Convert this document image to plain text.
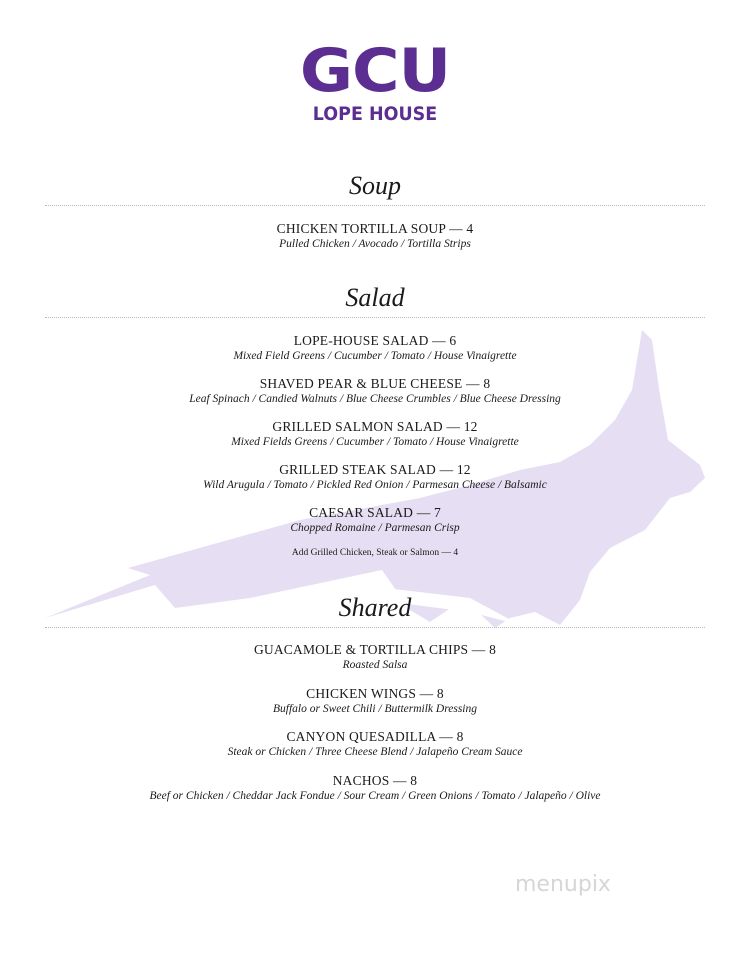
GCU
LOPE HOUSE
Soup
CHICKEN TORTILLA SOUP — 4
Pulled Chicken / Avocado / Tortilla Strips
Salad
LOPE-HOUSE SALAD — 6
Mixed Field Greens / Cucumber / Tomato / House Vinaigrette
SHAVED PEAR & BLUE CHEESE — 8
Leaf Spinach / Candied Walnuts / Blue Cheese Crumbles / Blue Cheese Dressing
GRILLED SALMON SALAD — 12
Mixed Fields Greens / Cucumber / Tomato / House Vinaigrette
GRILLED STEAK SALAD — 12
Wild Arugula / Tomato / Pickled Red Onion / Parmesan Cheese / Balsamic
CAESAR SALAD — 7
Chopped Romaine / Parmesan Crisp
Add Grilled Chicken, Steak or Salmon — 4
Shared
GUACAMOLE & TORTILLA CHIPS — 8
Roasted Salsa
CHICKEN WINGS — 8
Buffalo or Sweet Chili / Buttermilk Dressing
CANYON QUESADILLA — 8
Steak or Chicken / Three Cheese Blend / Jalapeño Cream Sauce
NACHOS — 8
Beef or Chicken / Cheddar Jack Fondue / Sour Cream / Green Onions / Tomato / Jalapeño / Olive
menupix
